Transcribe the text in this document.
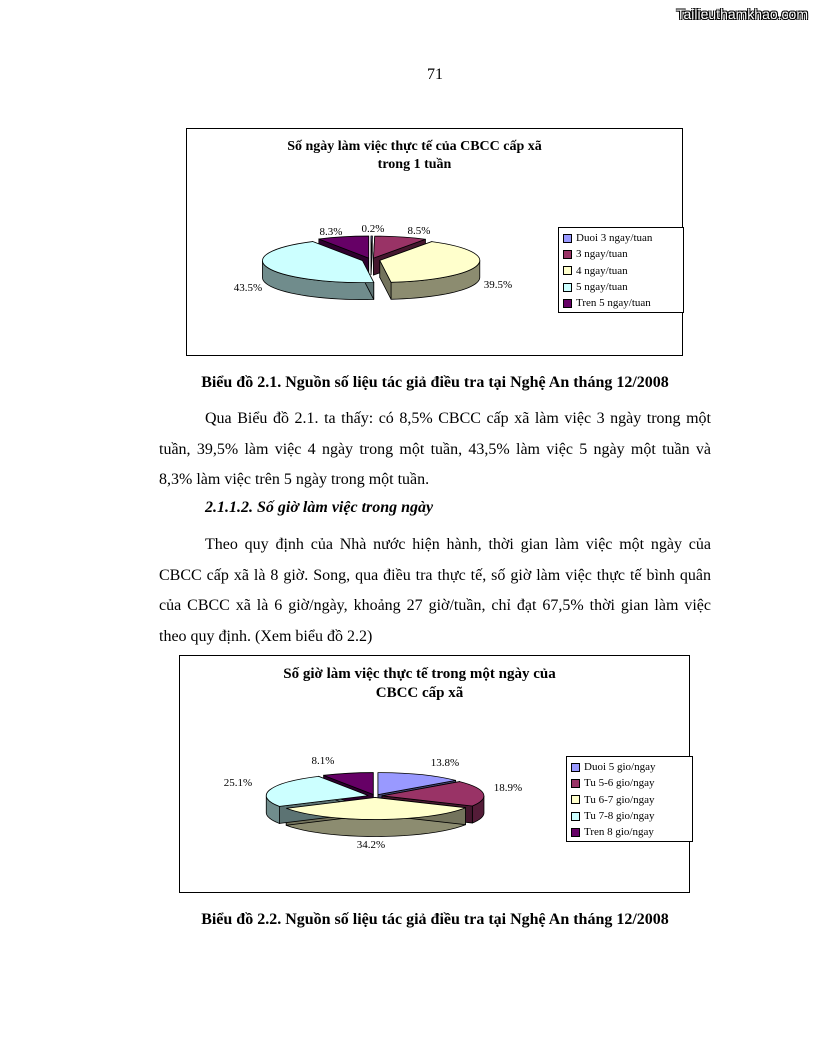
Tailieuthamkhao.com
71
Số ngày làm việc thực tế của CBCC cấp xã
trong 1 tuần
0.2% 8.5%
39.5%
43.5%
8.3%	Duoi 3 ngay/tuan
3 ngay/tuan
4 ngay/tuan
5 ngay/tuan
Tren 5 ngay/tuan
Biểu đồ 2.1. Nguồn số liệu tác giả điều tra tại Nghệ An tháng 12/2008

Qua Biểu đồ 2.1. ta thấy: có 8,5% CBCC cấp xã làm việc 3 ngày trong một tuần, 39,5% làm việc 4 ngày trong một tuần, 43,5% làm việc 5 ngày một tuần và 8,3% làm việc trên 5 ngày trong một tuần.

2.1.1.2. Số giờ làm việc trong ngày

Theo quy định của Nhà nước hiện hành, thời gian làm việc một ngày của CBCC cấp xã là 8 giờ. Song, qua điều tra thực tế, số giờ làm việc thực tế bình quân của CBCC xã là 6 giờ/ngày, khoảng 27 giờ/tuần, chỉ đạt 67,5% thời gian làm việc theo quy định. (Xem biểu đồ 2.2)

Số giờ làm việc thực tế trong một ngày của
CBCC cấp xã
13.8%
18.9%
34.2%
25.1%
8.1%	Duoi 5 gio/ngay
Tu 5-6 gio/ngay
Tu 6-7 gio/ngay
Tu 7-8 gio/ngay
Tren 8 gio/ngay
Biểu đồ 2.2. Nguồn số liệu tác giả điều tra tại Nghệ An tháng 12/2008
